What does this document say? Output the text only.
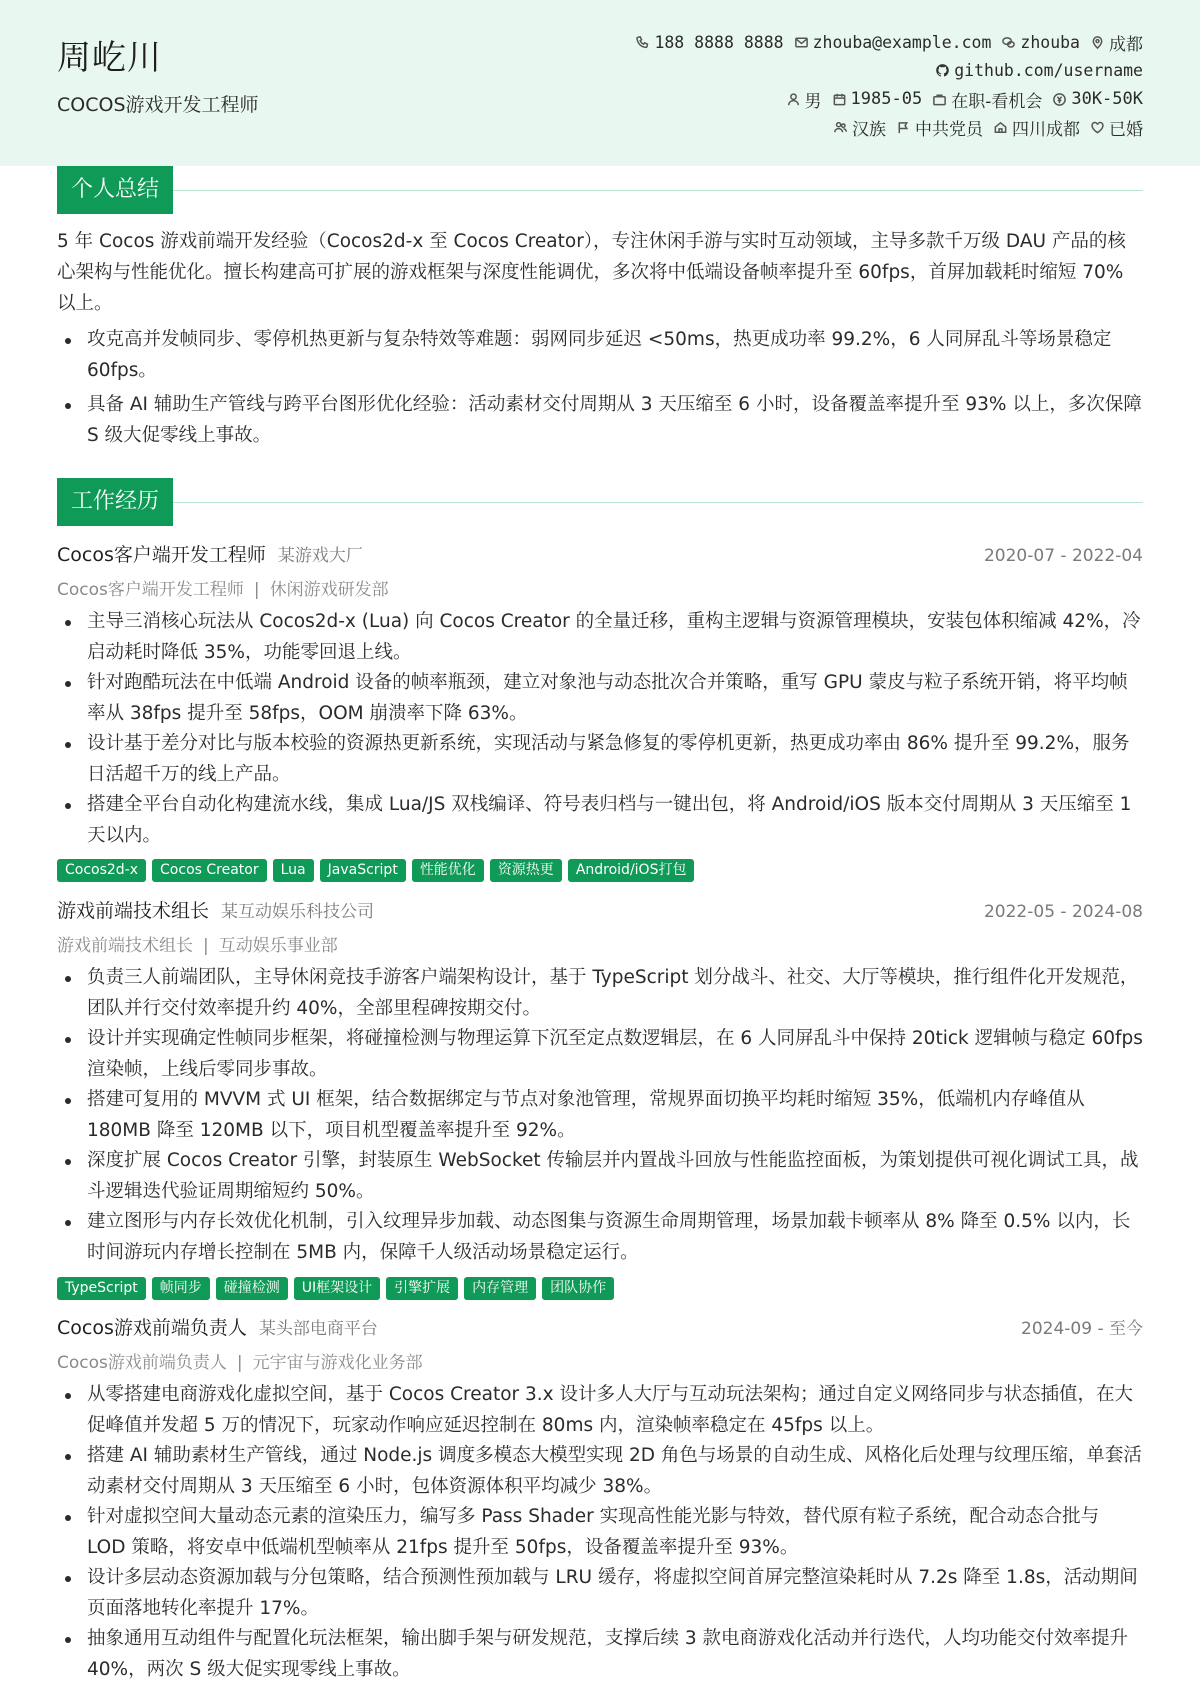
周屹川
COCOS游戏开发工程师
188 8888 8888 zhouba@example.com zhouba 成都
github.com/username
男 1985-05 在职-看机会 30K-50K
汉族 中共党员 四川成都 已婚
个人总结
5 年 Cocos 游戏前端开发经验（Cocos2d-x 至 Cocos Creator），专注休闲手游与实时互动领域，主导多款千万级 DAU 产品的核心架构与性能优化。擅长构建高可扩展的游戏框架与深度性能调优，多次将中低端设备帧率提升至 60fps，首屏加载耗时缩短 70% 以上。
攻克高并发帧同步、零停机热更新与复杂特效等难题：弱网同步延迟 <50ms，热更成功率 99.2%，6 人同屏乱斗等场景稳定 60fps。
具备 AI 辅助生产管线与跨平台图形优化经验：活动素材交付周期从 3 天压缩至 6 小时，设备覆盖率提升至 93% 以上，多次保障 S 级大促零线上事故。
工作经历
Cocos客户端开发工程师 某游戏大厂	2020-07 - 2022-04
Cocos客户端开发工程师 | 休闲游戏研发部
主导三消核心玩法从 Cocos2d-x (Lua) 向 Cocos Creator 的全量迁移，重构主逻辑与资源管理模块，安装包体积缩减 42%，冷启动耗时降低 35%，功能零回退上线。
针对跑酷玩法在中低端 Android 设备的帧率瓶颈，建立对象池与动态批次合并策略，重写 GPU 蒙皮与粒子系统开销，将平均帧率从 38fps 提升至 58fps，OOM 崩溃率下降 63%。
设计基于差分对比与版本校验的资源热更新系统，实现活动与紧急修复的零停机更新，热更成功率由 86% 提升至 99.2%，服务日活超千万的线上产品。
搭建全平台自动化构建流水线，集成 Lua/JS 双栈编译、符号表归档与一键出包，将 Android/iOS 版本交付周期从 3 天压缩至 1 天以内。
Cocos2d-x	Cocos Creator	Lua	JavaScript	性能优化	资源热更	Android/iOS打包
游戏前端技术组长 某互动娱乐科技公司	2022-05 - 2024-08
游戏前端技术组长 | 互动娱乐事业部
负责三人前端团队，主导休闲竞技手游客户端架构设计，基于 TypeScript 划分战斗、社交、大厅等模块，推行组件化开发规范，团队并行交付效率提升约 40%，全部里程碑按期交付。
设计并实现确定性帧同步框架，将碰撞检测与物理运算下沉至定点数逻辑层，在 6 人同屏乱斗中保持 20tick 逻辑帧与稳定 60fps 渲染帧，上线后零同步事故。
搭建可复用的 MVVM 式 UI 框架，结合数据绑定与节点对象池管理，常规界面切换平均耗时缩短 35%，低端机内存峰值从 180MB 降至 120MB 以下，项目机型覆盖率提升至 92%。
深度扩展 Cocos Creator 引擎，封装原生 WebSocket 传输层并内置战斗回放与性能监控面板，为策划提供可视化调试工具，战斗逻辑迭代验证周期缩短约 50%。
建立图形与内存长效优化机制，引入纹理异步加载、动态图集与资源生命周期管理，场景加载卡顿率从 8% 降至 0.5% 以内，长时间游玩内存增长控制在 5MB 内，保障千人级活动场景稳定运行。
TypeScript	帧同步	碰撞检测	UI框架设计	引擎扩展	内存管理	团队协作
Cocos游戏前端负责人 某头部电商平台	2024-09 - 至今
Cocos游戏前端负责人 | 元宇宙与游戏化业务部
从零搭建电商游戏化虚拟空间，基于 Cocos Creator 3.x 设计多人大厅与互动玩法架构；通过自定义网络同步与状态插值，在大促峰值并发超 5 万的情况下，玩家动作响应延迟控制在 80ms 内，渲染帧率稳定在 45fps 以上。
搭建 AI 辅助素材生产管线，通过 Node.js 调度多模态大模型实现 2D 角色与场景的自动生成、风格化后处理与纹理压缩，单套活动素材交付周期从 3 天压缩至 6 小时，包体资源体积平均减少 38%。
针对虚拟空间大量动态元素的渲染压力，编写多 Pass Shader 实现高性能光影与特效，替代原有粒子系统，配合动态合批与 LOD 策略，将安卓中低端机型帧率从 21fps 提升至 50fps，设备覆盖率提升至 93%。
设计多层动态资源加载与分包策略，结合预测性预加载与 LRU 缓存，将虚拟空间首屏完整渲染耗时从 7.2s 降至 1.8s，活动期间页面落地转化率提升 17%。
抽象通用互动组件与配置化玩法框架，输出脚手架与研发规范，支撑后续 3 款电商游戏化活动并行迭代，人均功能交付效率提升 40%，两次 S 级大促实现零线上事故。
